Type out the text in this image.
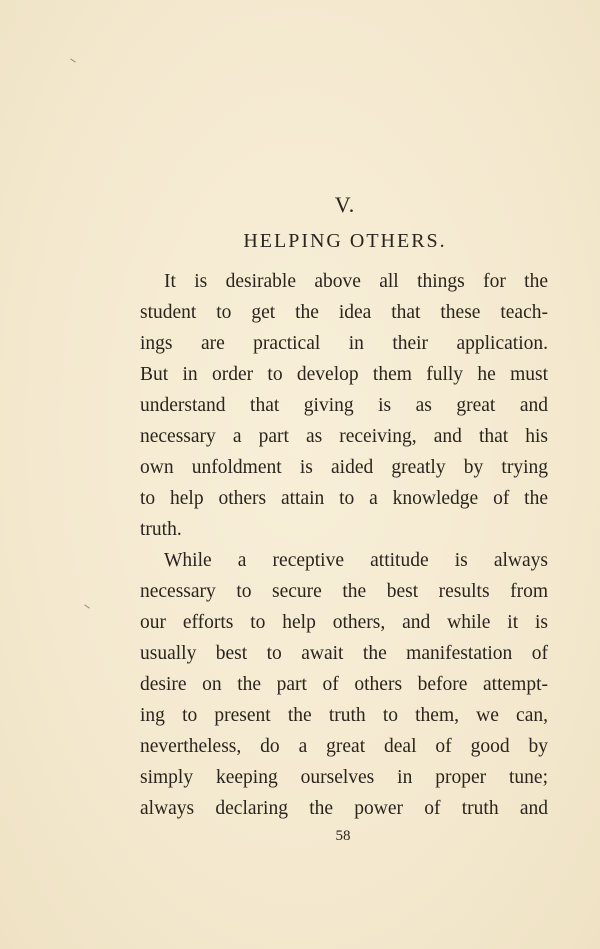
V.
HELPING OTHERS.
It is desirable above all things for the
student to get the idea that these teach-
ings are practical in their application.
But in order to develop them fully he must
understand that giving is as great and
necessary a part as receiving, and that his
own unfoldment is aided greatly by trying
to help others attain to a knowledge of the
truth.
While a receptive attitude is always
necessary to secure the best results from
our efforts to help others, and while it is
usually best to await the manifestation of
desire on the part of others before attempt-
ing to present the truth to them, we can,
nevertheless, do a great deal of good by
simply keeping ourselves in proper tune;
always declaring the power of truth and
58
